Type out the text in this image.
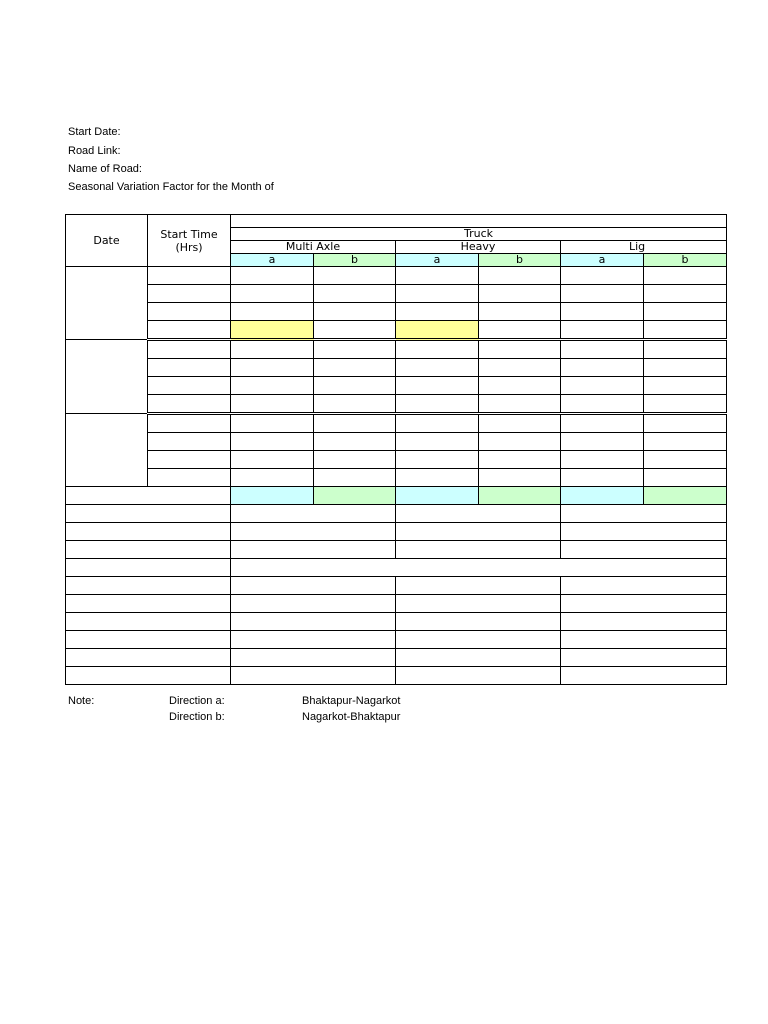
Start Date:
Road Link:
Name of Road:
Seasonal Variation Factor for the Month of
Date	Start Time
(Hrs)						
		Truck					
		Multi Axle		Heavy		Lig	
		a	b	a	b	a	b

Note:	Direction a:	Bhaktapur-Nagarkot
Direction b:	Nagarkot-Bhaktapur
